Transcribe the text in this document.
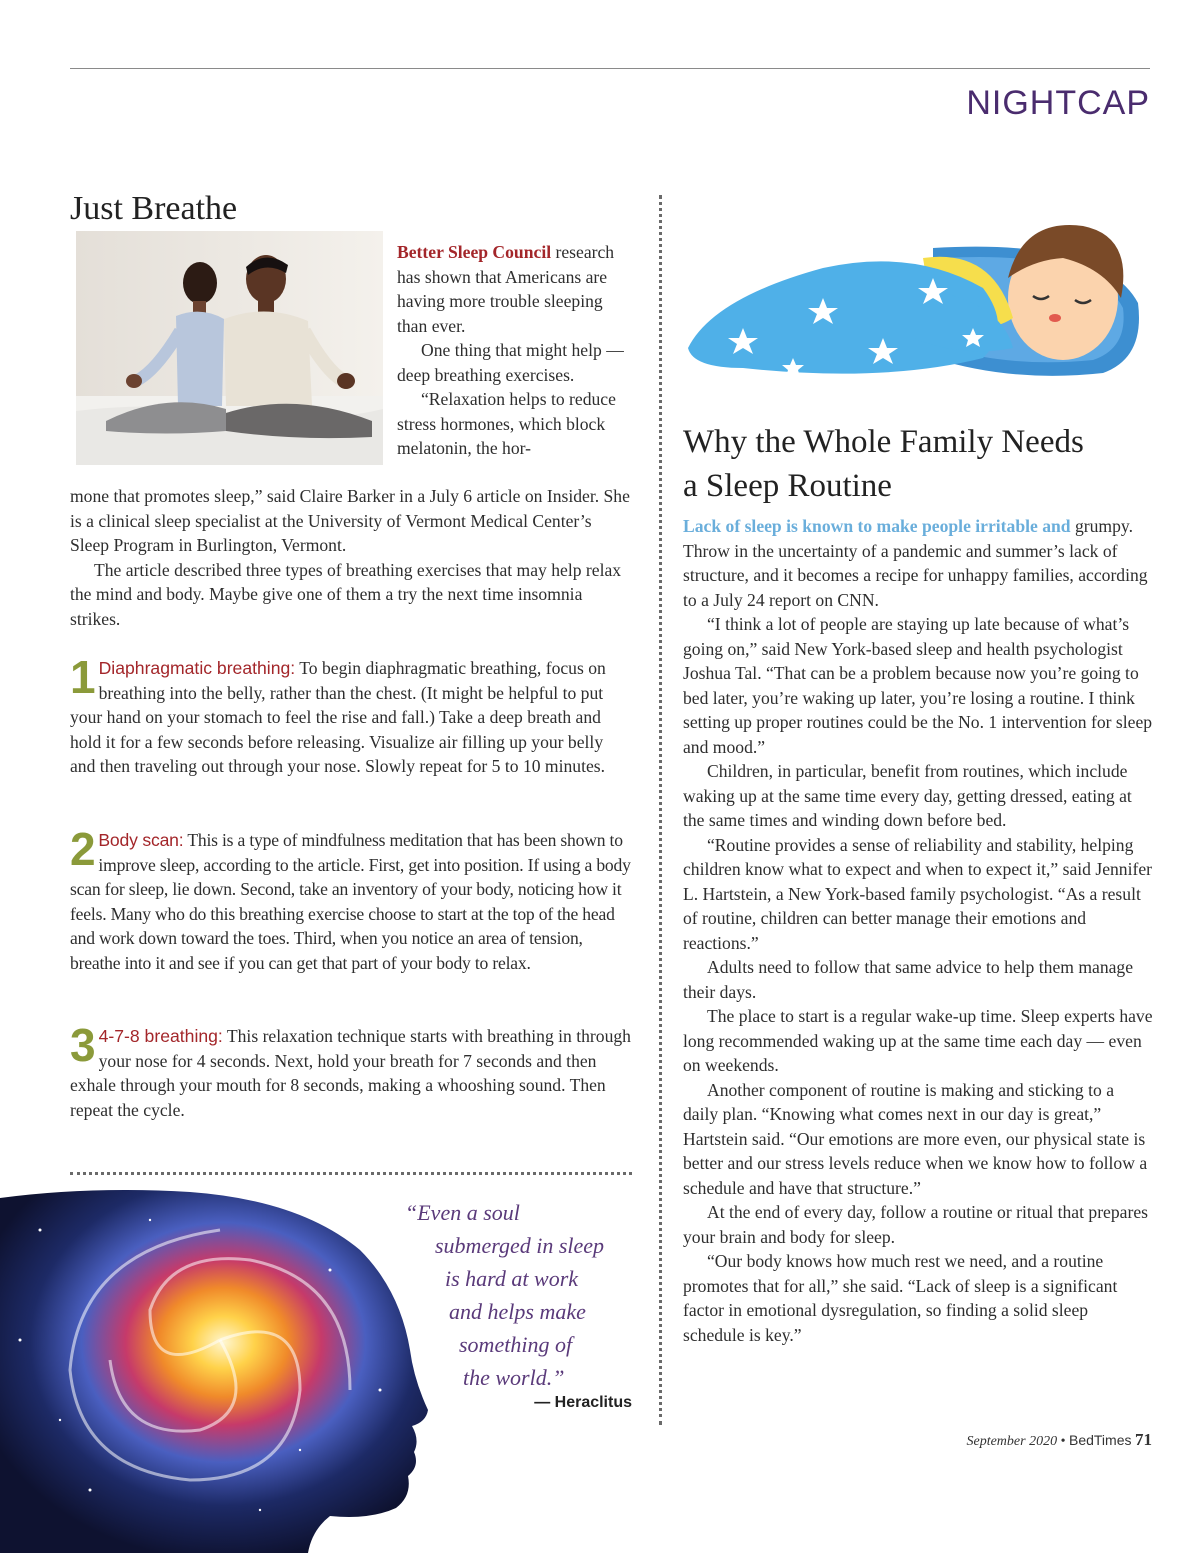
NIGHTCAP
Just Breathe

Better Sleep Council research has shown that Americans are having more trouble sleeping than ever.

One thing that might help — deep breathing exercises.

“Relaxation helps to reduce stress hormones, which block melatonin, the hor-

mone that promotes sleep,” said Claire Barker in a July 6 article on Insider. She is a clinical sleep specialist at the University of Vermont Medical Center’s Sleep Program in Burlington, Vermont.

The article described three types of breathing exercises that may help relax the mind and body. Maybe give one of them a try the next time insomnia strikes.

1 Diaphragmatic breathing: To begin diaphragmatic breathing, focus on breathing into the belly, rather than the chest. (It might be helpful to put your hand on your stomach to feel the rise and fall.) Take a deep breath and hold it for a few seconds before releasing. Visualize air filling up your belly and then traveling out through your nose. Slowly repeat for 5 to 10 minutes.
2 Body scan: This is a type of mindfulness meditation that has been shown to improve sleep, according to the article. First, get into position. If using a body scan for sleep, lie down. Second, take an inventory of your body, noticing how it feels. Many who do this breathing exercise choose to start at the top of the head and work down toward the toes. Third, when you notice an area of tension, breathe into it and see if you can get that part of your body to relax.
3 4-7-8 breathing: This relaxation technique starts with breathing in through your nose for 4 seconds. Next, hold your breath for 7 seconds and then exhale through your mouth for 8 seconds, making a whooshing sound. Then repeat the cycle.
“Even a soul
submerged in sleep
is hard at work
and helps make
something of
the world.”
— Heraclitus
Why the Whole Family Needs
a Sleep Routine

Lack of sleep is known to make people irritable and grumpy. Throw in the uncertainty of a pandemic and summer’s lack of structure, and it becomes a recipe for unhappy families, according to a July 24 report on CNN.

“I think a lot of people are staying up late because of what’s going on,” said New York-based sleep and health psychologist Joshua Tal. “That can be a problem because now you’re going to bed later, you’re waking up later, you’re losing a routine. I think setting up proper routines could be the No. 1 intervention for sleep and mood.”

Children, in particular, benefit from routines, which include waking up at the same time every day, getting dressed, eating at the same times and winding down before bed.

“Routine provides a sense of reliability and stability, helping children know what to expect and when to expect it,” said Jennifer L. Hartstein, a New York-based family psychologist. “As a result of routine, children can better manage their emotions and reactions.”

Adults need to follow that same advice to help them manage their days.

The place to start is a regular wake-up time. Sleep experts have long recommended waking up at the same time each day — even on weekends.

Another component of routine is making and sticking to a daily plan. “Knowing what comes next in our day is great,” Hartstein said. “Our emotions are more even, our physical state is better and our stress levels reduce when we know how to follow a schedule and have that structure.”

At the end of every day, follow a routine or ritual that prepares your brain and body for sleep.

“Our body knows how much rest we need, and a routine promotes that for all,” she said. “Lack of sleep is a significant factor in emotional dysregulation, so finding a solid sleep schedule is key.”

September 2020 • BedTimes 71
